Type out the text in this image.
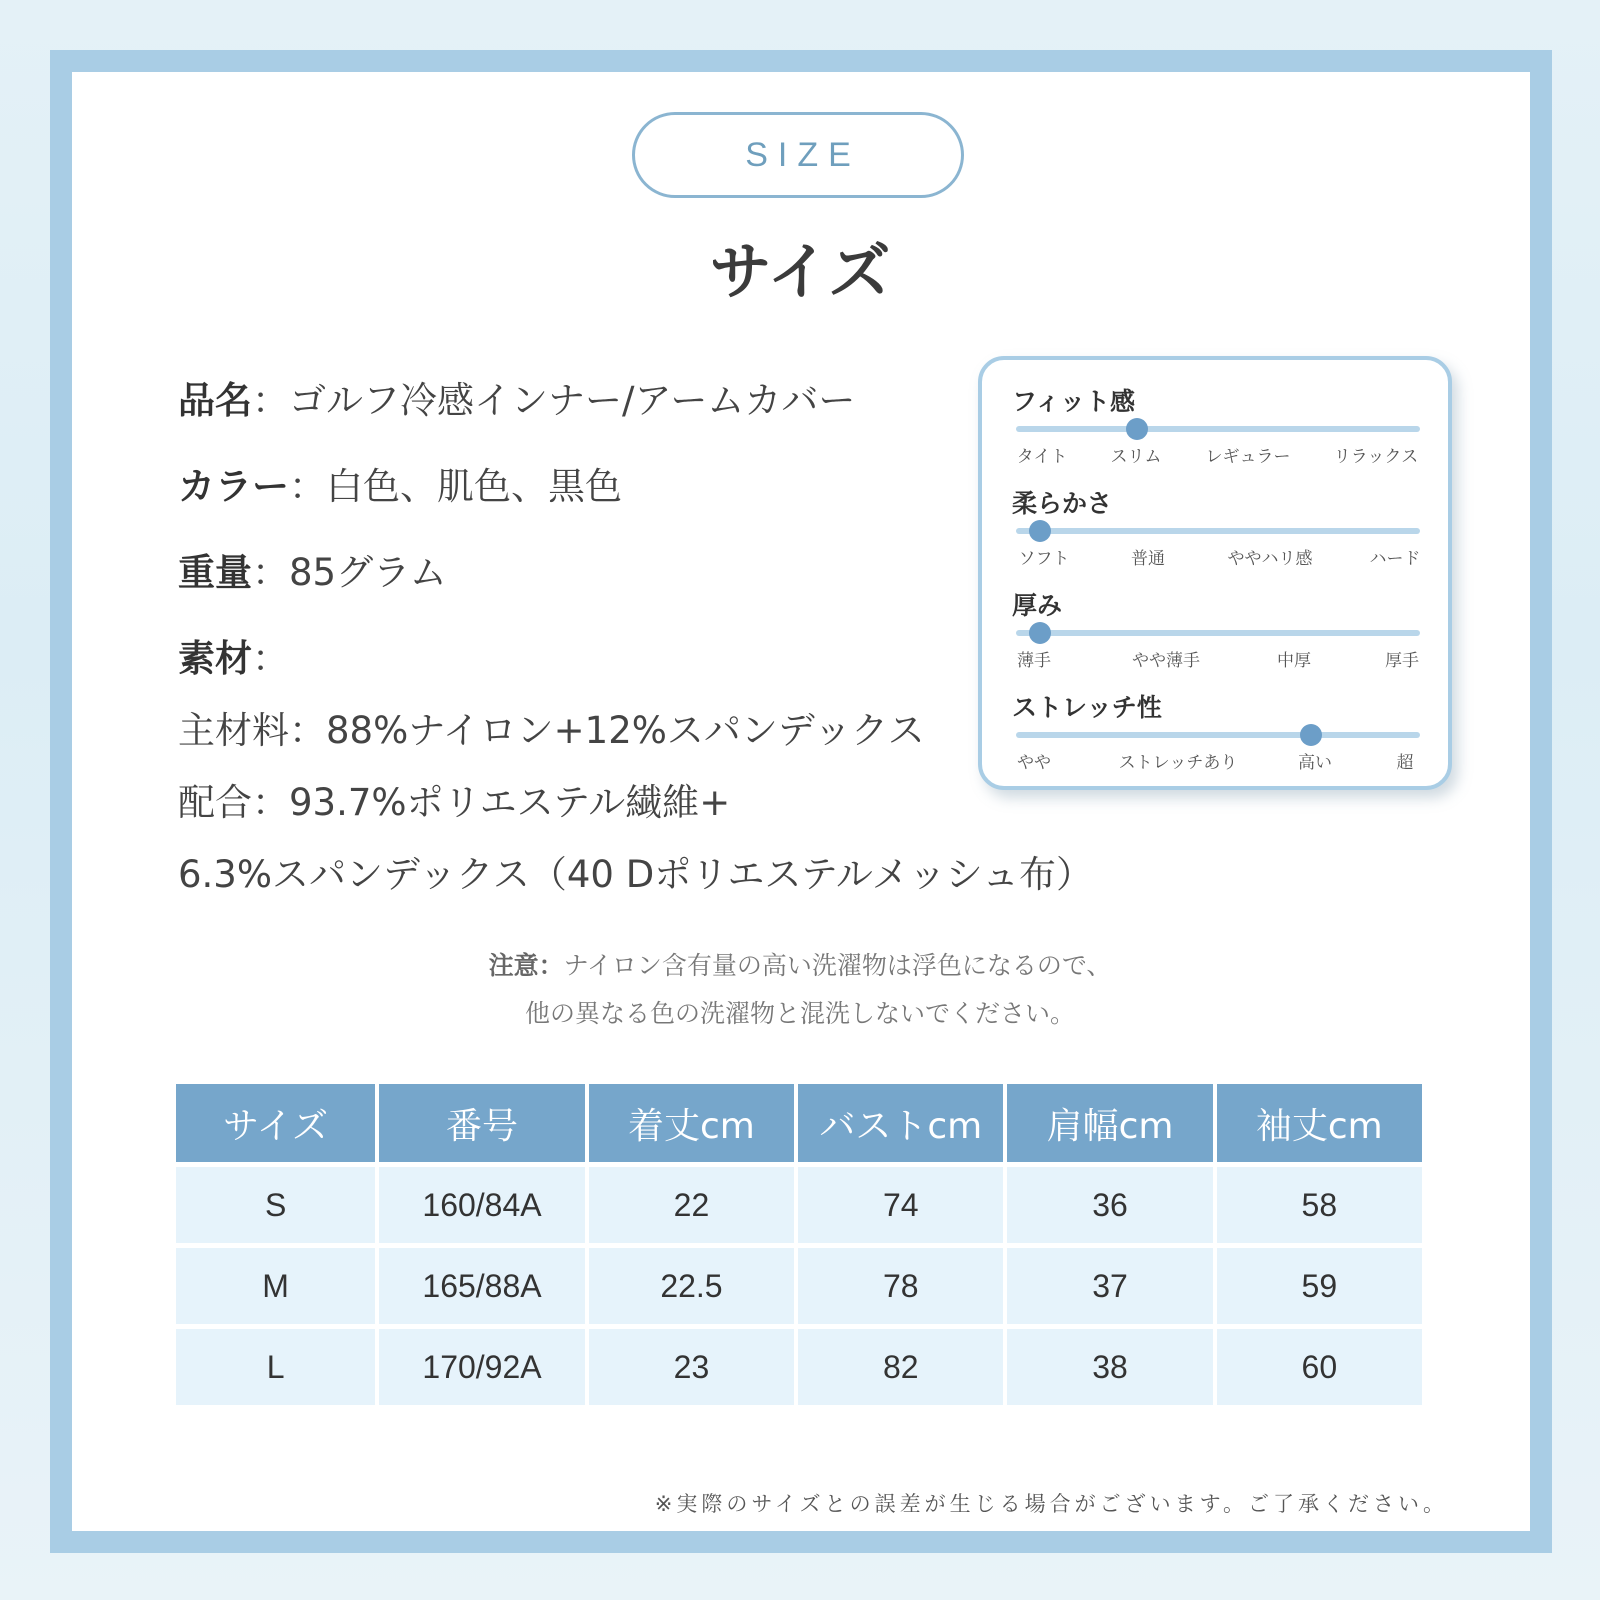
SIZE
サイズ
品名：ゴルフ冷感インナー/アームカバー
カラー：白色、肌色、黒色
重量：85グラム
素材：
主材料：88%ナイロン+12%スパンデックス
配合：93.7%ポリエステル繊維+
6.3%スパンデックス（40 Dポリエステルメッシュ布）
フィット感
タイト	スリム	レギュラー	リラックス
柔らかさ
ソフト	普通	ややハリ感	ハード
厚み
薄手	やや薄手	中厚	厚手
ストレッチ性
やや	ストレッチあり	高い	超
注意：ナイロン含有量の高い洗濯物は浮色になるので、
他の異なる色の洗濯物と混洗しないでください。
サイズ	番号	着丈cm	バストcm	肩幅cm	袖丈cm
S	160/84A	22	74	36	58
M	165/88A	22.5	78	37	59
L	170/92A	23	82	38	60
※実際のサイズとの誤差が生じる場合がございます。ご了承ください。
